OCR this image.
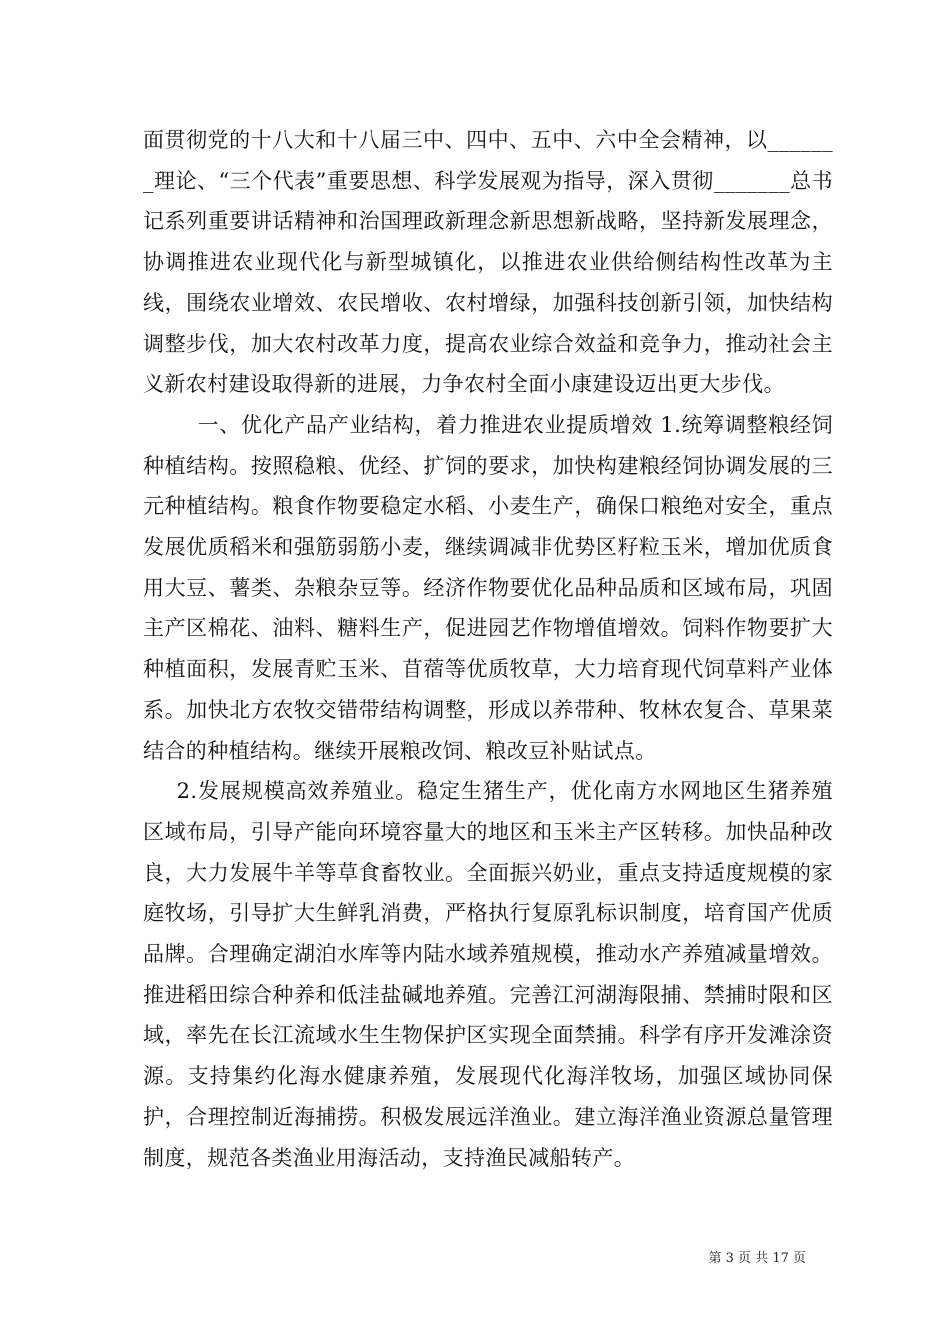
面贯彻党的十八大和十八届三中、四中、五中、六中全会精神，以_______理论、“三个代表”重要思想、科学发展观为指导，深入贯彻_______总书记系列重要讲话精神和治国理政新理念新思想新战略，坚持新发展理念，协调推进农业现代化与新型城镇化，以推进农业供给侧结构性改革为主线，围绕农业增效、农民增收、农村增绿，加强科技创新引领，加快结构调整步伐，加大农村改革力度，提高农业综合效益和竞争力，推动社会主义新农村建设取得新的进展，力争农村全面小康建设迈出更大步伐。

一、优化产品产业结构，着力推进农业提质增效 1.统筹调整粮经饲种植结构。按照稳粮、优经、扩饲的要求，加快构建粮经饲协调发展的三元种植结构。粮食作物要稳定水稻、小麦生产，确保口粮绝对安全，重点发展优质稻米和强筋弱筋小麦，继续调减非优势区籽粒玉米，增加优质食用大豆、薯类、杂粮杂豆等。经济作物要优化品种品质和区域布局，巩固主产区棉花、油料、糖料生产，促进园艺作物增值增效。饲料作物要扩大种植面积，发展青贮玉米、苜蓿等优质牧草，大力培育现代饲草料产业体系。加快北方农牧交错带结构调整，形成以养带种、牧林农复合、草果菜结合的种植结构。继续开展粮改饲、粮改豆补贴试点。

2.发展规模高效养殖业。稳定生猪生产，优化南方水网地区生猪养殖区域布局，引导产能向环境容量大的地区和玉米主产区转移。加快品种改良，大力发展牛羊等草食畜牧业。全面振兴奶业，重点支持适度规模的家庭牧场，引导扩大生鲜乳消费，严格执行复原乳标识制度，培育国产优质品牌。合理确定湖泊水库等内陆水域养殖规模，推动水产养殖减量增效。推进稻田综合种养和低洼盐碱地养殖。完善江河湖海限捕、禁捕时限和区域，率先在长江流域水生生物保护区实现全面禁捕。科学有序开发滩涂资源。支持集约化海水健康养殖，发展现代化海洋牧场，加强区域协同保护，合理控制近海捕捞。积极发展远洋渔业。建立海洋渔业资源总量管理制度，规范各类渔业用海活动，支持渔民减船转产。

第 3 页 共 17 页
